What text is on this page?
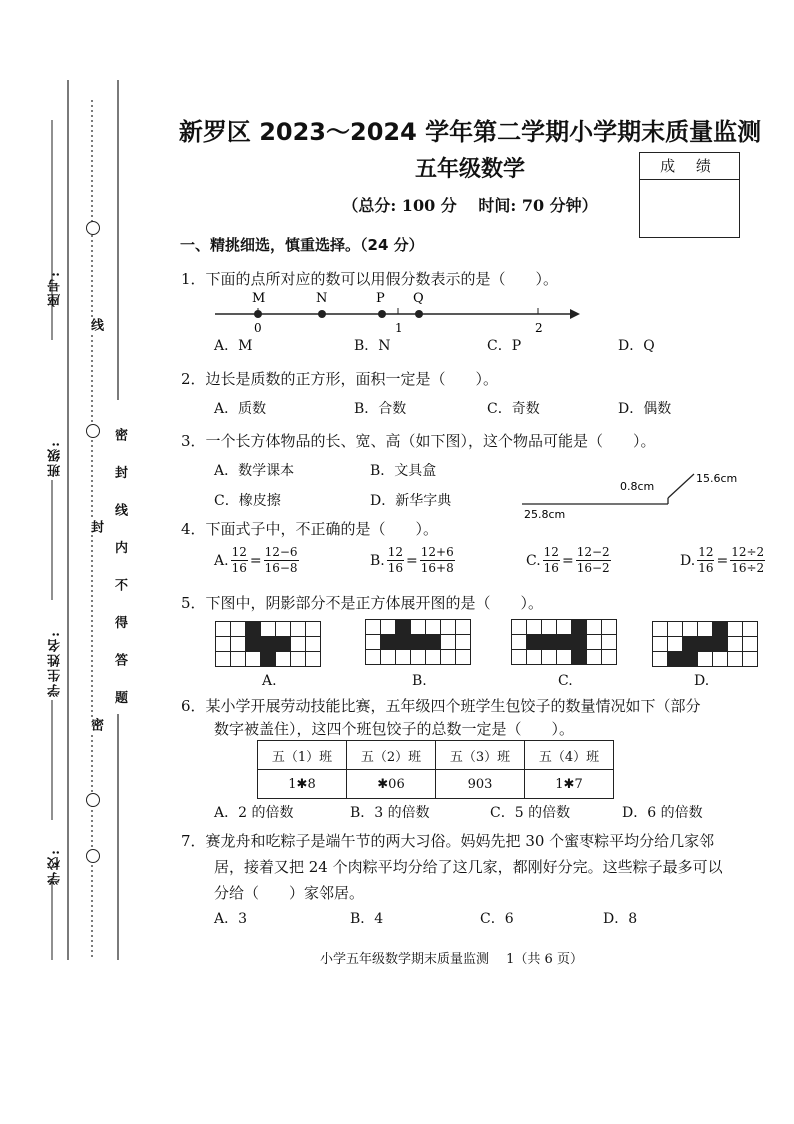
座号:
班级:
学生姓名:
学校:
线
封
密
密 封 线 内 不 得 答 题
新罗区 2023～2024 学年第二学期小学期末质量监测
五年级数学
（总分: 100 分　 时间: 70 分钟）
成 绩
一、精挑细选，慎重选择。（24 分）
1．下面的点所对应的数可以用假分数表示的是（　　）。
M	N	P Q
0	1	2
A．M	B．N	C．P	D．Q
2．边长是质数的正方形，面积一定是（　　）。
A．质数	B．合数	C．奇数	D．偶数
3．一个长方体物品的长、宽、高（如下图），这个物品可能是（　　）。
A．数学课本	B．文具盒
C．橡皮擦	D．新华字典
0.8cm
15.6cm
25.8cm
4．下面式子中，不正确的是（　　）。
A. $\frac{12}{16} = \frac{12-6}{16-8}$	B. $\frac{12}{16} = \frac{12+6}{16+8}$	C. $\frac{12}{16} = \frac{12-2}{16-2}$	D. $\frac{12}{16} = \frac{12\div 2}{16\div 2}$
5．下图中，阴影部分不是正方体展开图的是（　　）。
A.	B.	C.	D.
6．某小学开展劳动技能比赛，五年级四个班学生包饺子的数量情况如下（部分
数字被盖住），这四个班包饺子的总数一定是（　　）。
五（1）班	五（2）班	五（3）班	五（4）班
1✱8	✱06	903	1✱7
A．2 的倍数	B．3 的倍数	C．5 的倍数	D．6 的倍数
7．赛龙舟和吃粽子是端午节的两大习俗。妈妈先把 30 个蜜枣粽平均分给几家邻
居，接着又把 24 个肉粽平均分给了这几家，都刚好分完。这些粽子最多可以
分给（　　）家邻居。
A．3	B．4	C．6	D．8
小学五年级数学期末质量监测　 1（共 6 页）
